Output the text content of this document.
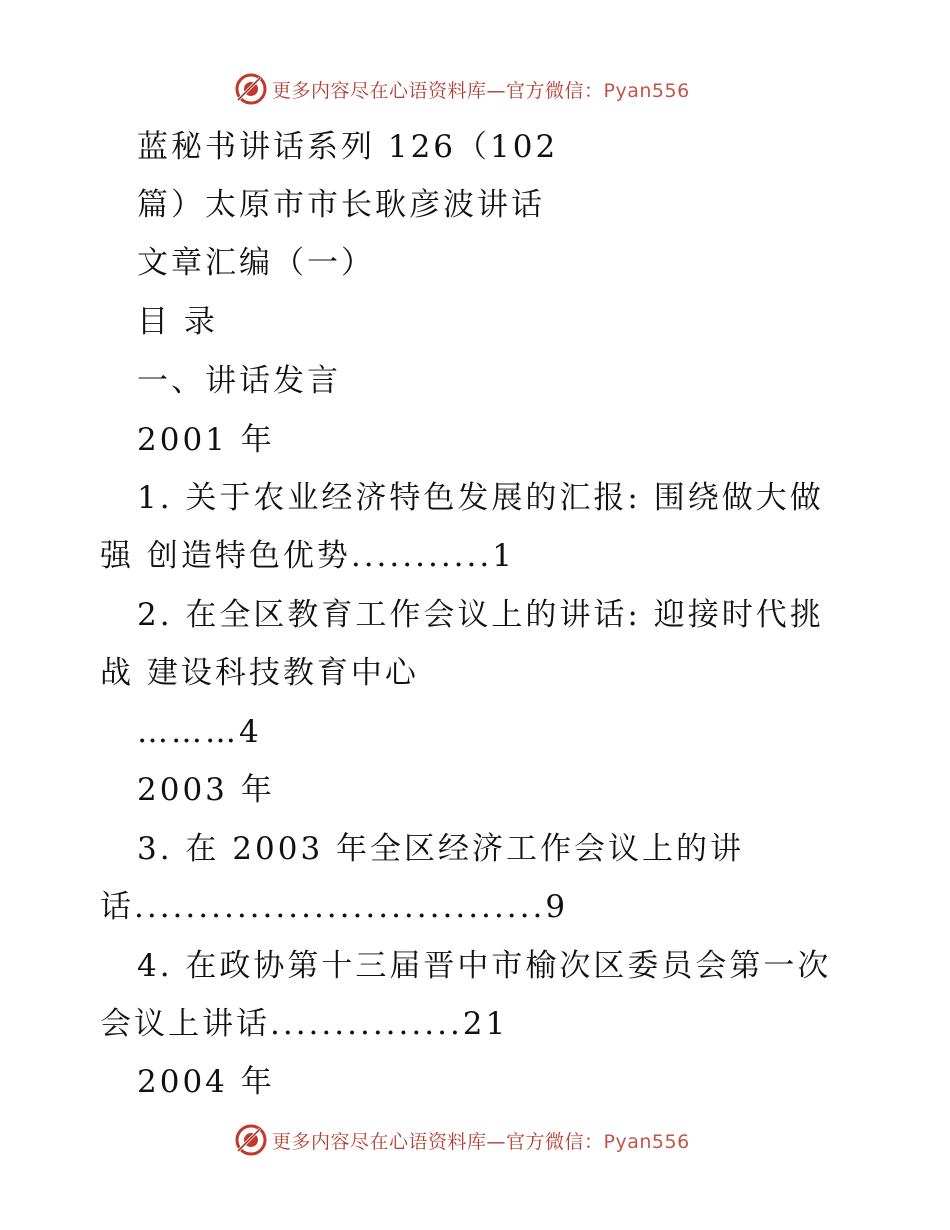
更多内容尽在心语资料库—官方微信：Pyan556
蓝秘书讲话系列 126（102
篇）太原市市长耿彦波讲话
文章汇编（一）
目 录
一、讲话发言
2001 年
1. 关于农业经济特色发展的汇报: 围绕做大做
强 创造特色优势...........1
2. 在全区教育工作会议上的讲话: 迎接时代挑
战 建设科技教育中心
………4
2003 年
3. 在 2003 年全区经济工作会议上的讲
话................................9
4. 在政协第十三届晋中市榆次区委员会第一次
会议上讲话...............21
2004 年
更多内容尽在心语资料库—官方微信：Pyan556
